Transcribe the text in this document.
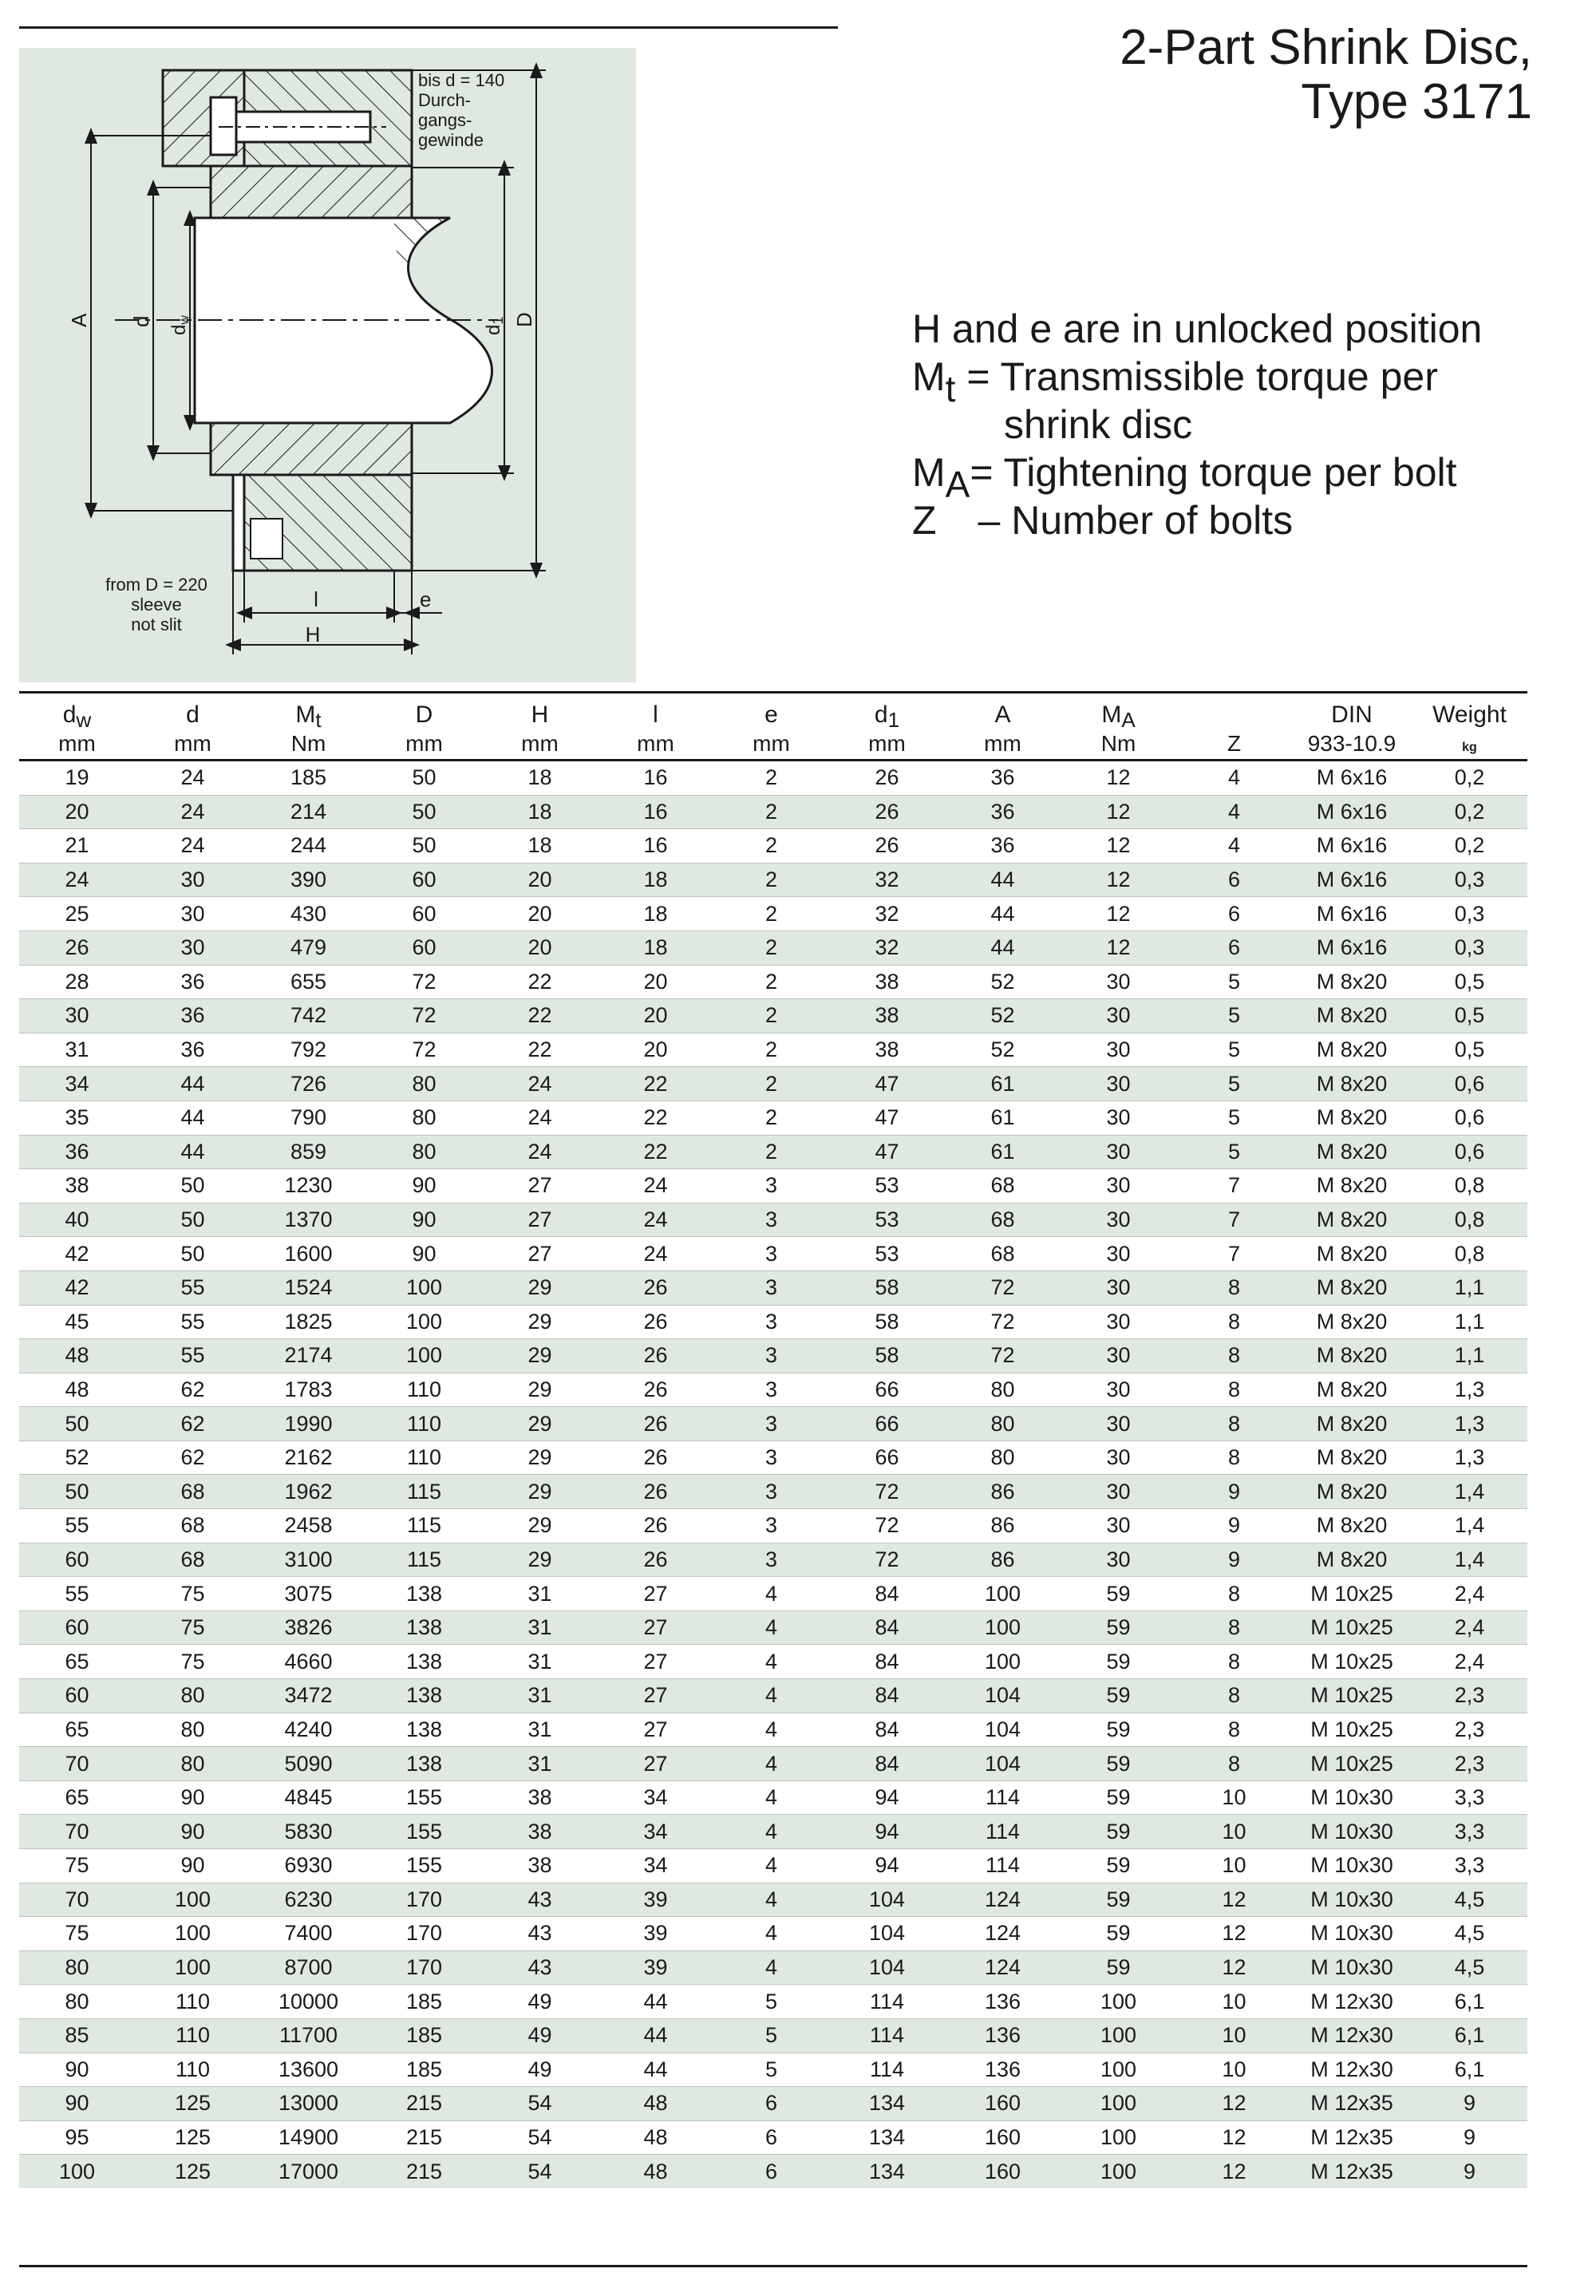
2-Part Shrink Disc,
Type 3171
H and e are in unlocked position
$M_t$ = Transmissible torque per
shrink disc
$M_A=$ Tightening torque per bolt
Z – Number of bolts
bis d = 140
Durch-
gangs-
gewinde
from D = 220
sleeve
not slit
A d
dw
d1 D
l	e
H
$d_w$	d	$M_t$	D	H	l	e	$d_1$	A	$M_A$		DIN	Weight
mm	mm	Nm	mm	mm	mm	mm	mm	mm	Nm	Z	933-10.9	kg
19	24	185	50	18	16	2	26	36	12	4	M 6x16	0,2
20	24	214	50	18	16	2	26	36	12	4	M 6x16	0,2
21	24	244	50	18	16	2	26	36	12	4	M 6x16	0,2
24	30	390	60	20	18	2	32	44	12	6	M 6x16	0,3
25	30	430	60	20	18	2	32	44	12	6	M 6x16	0,3
26	30	479	60	20	18	2	32	44	12	6	M 6x16	0,3
28	36	655	72	22	20	2	38	52	30	5	M 8x20	0,5
30	36	742	72	22	20	2	38	52	30	5	M 8x20	0,5
31	36	792	72	22	20	2	38	52	30	5	M 8x20	0,5
34	44	726	80	24	22	2	47	61	30	5	M 8x20	0,6
35	44	790	80	24	22	2	47	61	30	5	M 8x20	0,6
36	44	859	80	24	22	2	47	61	30	5	M 8x20	0,6
38	50	1230	90	27	24	3	53	68	30	7	M 8x20	0,8
40	50	1370	90	27	24	3	53	68	30	7	M 8x20	0,8
42	50	1600	90	27	24	3	53	68	30	7	M 8x20	0,8
42	55	1524	100	29	26	3	58	72	30	8	M 8x20	1,1
45	55	1825	100	29	26	3	58	72	30	8	M 8x20	1,1
48	55	2174	100	29	26	3	58	72	30	8	M 8x20	1,1
48	62	1783	110	29	26	3	66	80	30	8	M 8x20	1,3
50	62	1990	110	29	26	3	66	80	30	8	M 8x20	1,3
52	62	2162	110	29	26	3	66	80	30	8	M 8x20	1,3
50	68	1962	115	29	26	3	72	86	30	9	M 8x20	1,4
55	68	2458	115	29	26	3	72	86	30	9	M 8x20	1,4
60	68	3100	115	29	26	3	72	86	30	9	M 8x20	1,4
55	75	3075	138	31	27	4	84	100	59	8	M 10x25	2,4
60	75	3826	138	31	27	4	84	100	59	8	M 10x25	2,4
65	75	4660	138	31	27	4	84	100	59	8	M 10x25	2,4
60	80	3472	138	31	27	4	84	104	59	8	M 10x25	2,3
65	80	4240	138	31	27	4	84	104	59	8	M 10x25	2,3
70	80	5090	138	31	27	4	84	104	59	8	M 10x25	2,3
65	90	4845	155	38	34	4	94	114	59	10	M 10x30	3,3
70	90	5830	155	38	34	4	94	114	59	10	M 10x30	3,3
75	90	6930	155	38	34	4	94	114	59	10	M 10x30	3,3
70	100	6230	170	43	39	4	104	124	59	12	M 10x30	4,5
75	100	7400	170	43	39	4	104	124	59	12	M 10x30	4,5
80	100	8700	170	43	39	4	104	124	59	12	M 10x30	4,5
80	110	10000	185	49	44	5	114	136	100	10	M 12x30	6,1
85	110	11700	185	49	44	5	114	136	100	10	M 12x30	6,1
90	110	13600	185	49	44	5	114	136	100	10	M 12x30	6,1
90	125	13000	215	54	48	6	134	160	100	12	M 12x35	9
95	125	14900	215	54	48	6	134	160	100	12	M 12x35	9
100	125	17000	215	54	48	6	134	160	100	12	M 12x35	9
